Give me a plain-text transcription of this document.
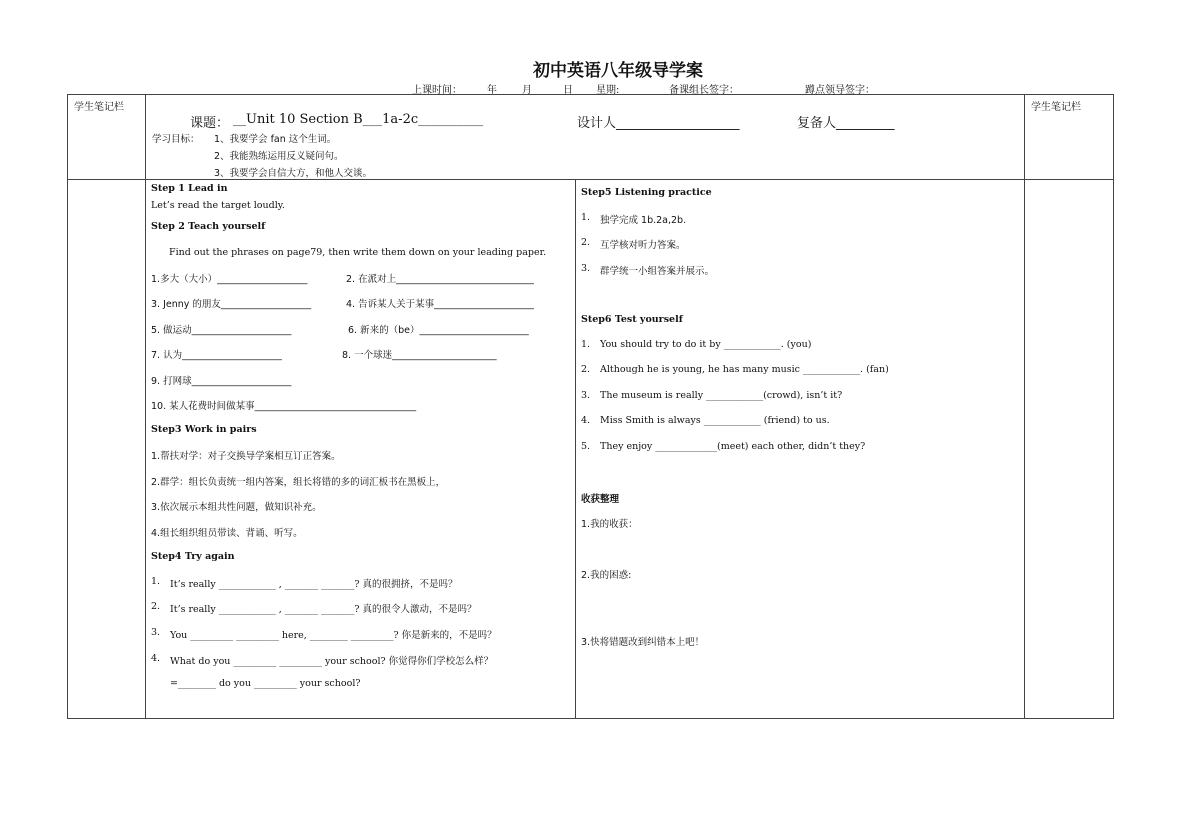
初中英语八年级导学案
上课时间：	年	月	日 星期:	备课组长签字：	蹲点领导签字：
学生笔记栏	学生笔记栏
课题： __Unit 10 Section B___1a-2c__________	设计人___________________	复备人_________
学习目标： 1、我要学会 fan 这个生词。
2、我能熟练运用反义疑问句。
3、我要学会自信大方，和他人交谈。
Step 1 Lead in
Let’s read the target loudly.
Step 2 Teach yourself
Find out the phrases on page79, then write them down on your leading paper.
1.多大（大小）___________________	2. 在派对上_____________________________
3. Jenny 的朋友___________________	4. 告诉某人关于某事_____________________
5. 做运动_____________________	6. 新来的（be）_______________________
7. 认为_____________________	8. 一个球迷______________________
9. 打网球_____________________
10. 某人花费时间做某事__________________________________
Step3 Work in pairs
1.帮扶对学：对子交换导学案相互订正答案。
2.群学：组长负责统一组内答案，组长将错的多的词汇板书在黑板上，
3.依次展示本组共性问题，做知识补充。
4.组长组织组员带读、背诵、听写。
Step4 Try again
1. It’s really ____________ , _______ _______? 真的很拥挤，不是吗？
2. It’s really ____________ , _______ _______? 真的很令人激动，不是吗？
3. You _________ _________ here, ________ _________? 你是新来的，不是吗？
4. What do you _________ _________ your school? 你觉得你们学校怎么样？
=________ do you _________ your school?
Step5 Listening practice
1. 独学完成 1b.2a,2b.
2. 互学核对听力答案。
3. 群学统一小组答案并展示。
Step6 Test yourself
1. You should try to do it by ____________. (you)
2. Although he is young, he has many music ____________. (fan)
3. The museum is really ____________(crowd), isn’t it?
4. Miss Smith is always ____________ (friend) to us.
5. They enjoy _____________(meet) each other, didn’t they?
收获整理
1.我的收获：
2.我的困惑:
3.快将错题改到纠错本上吧！
